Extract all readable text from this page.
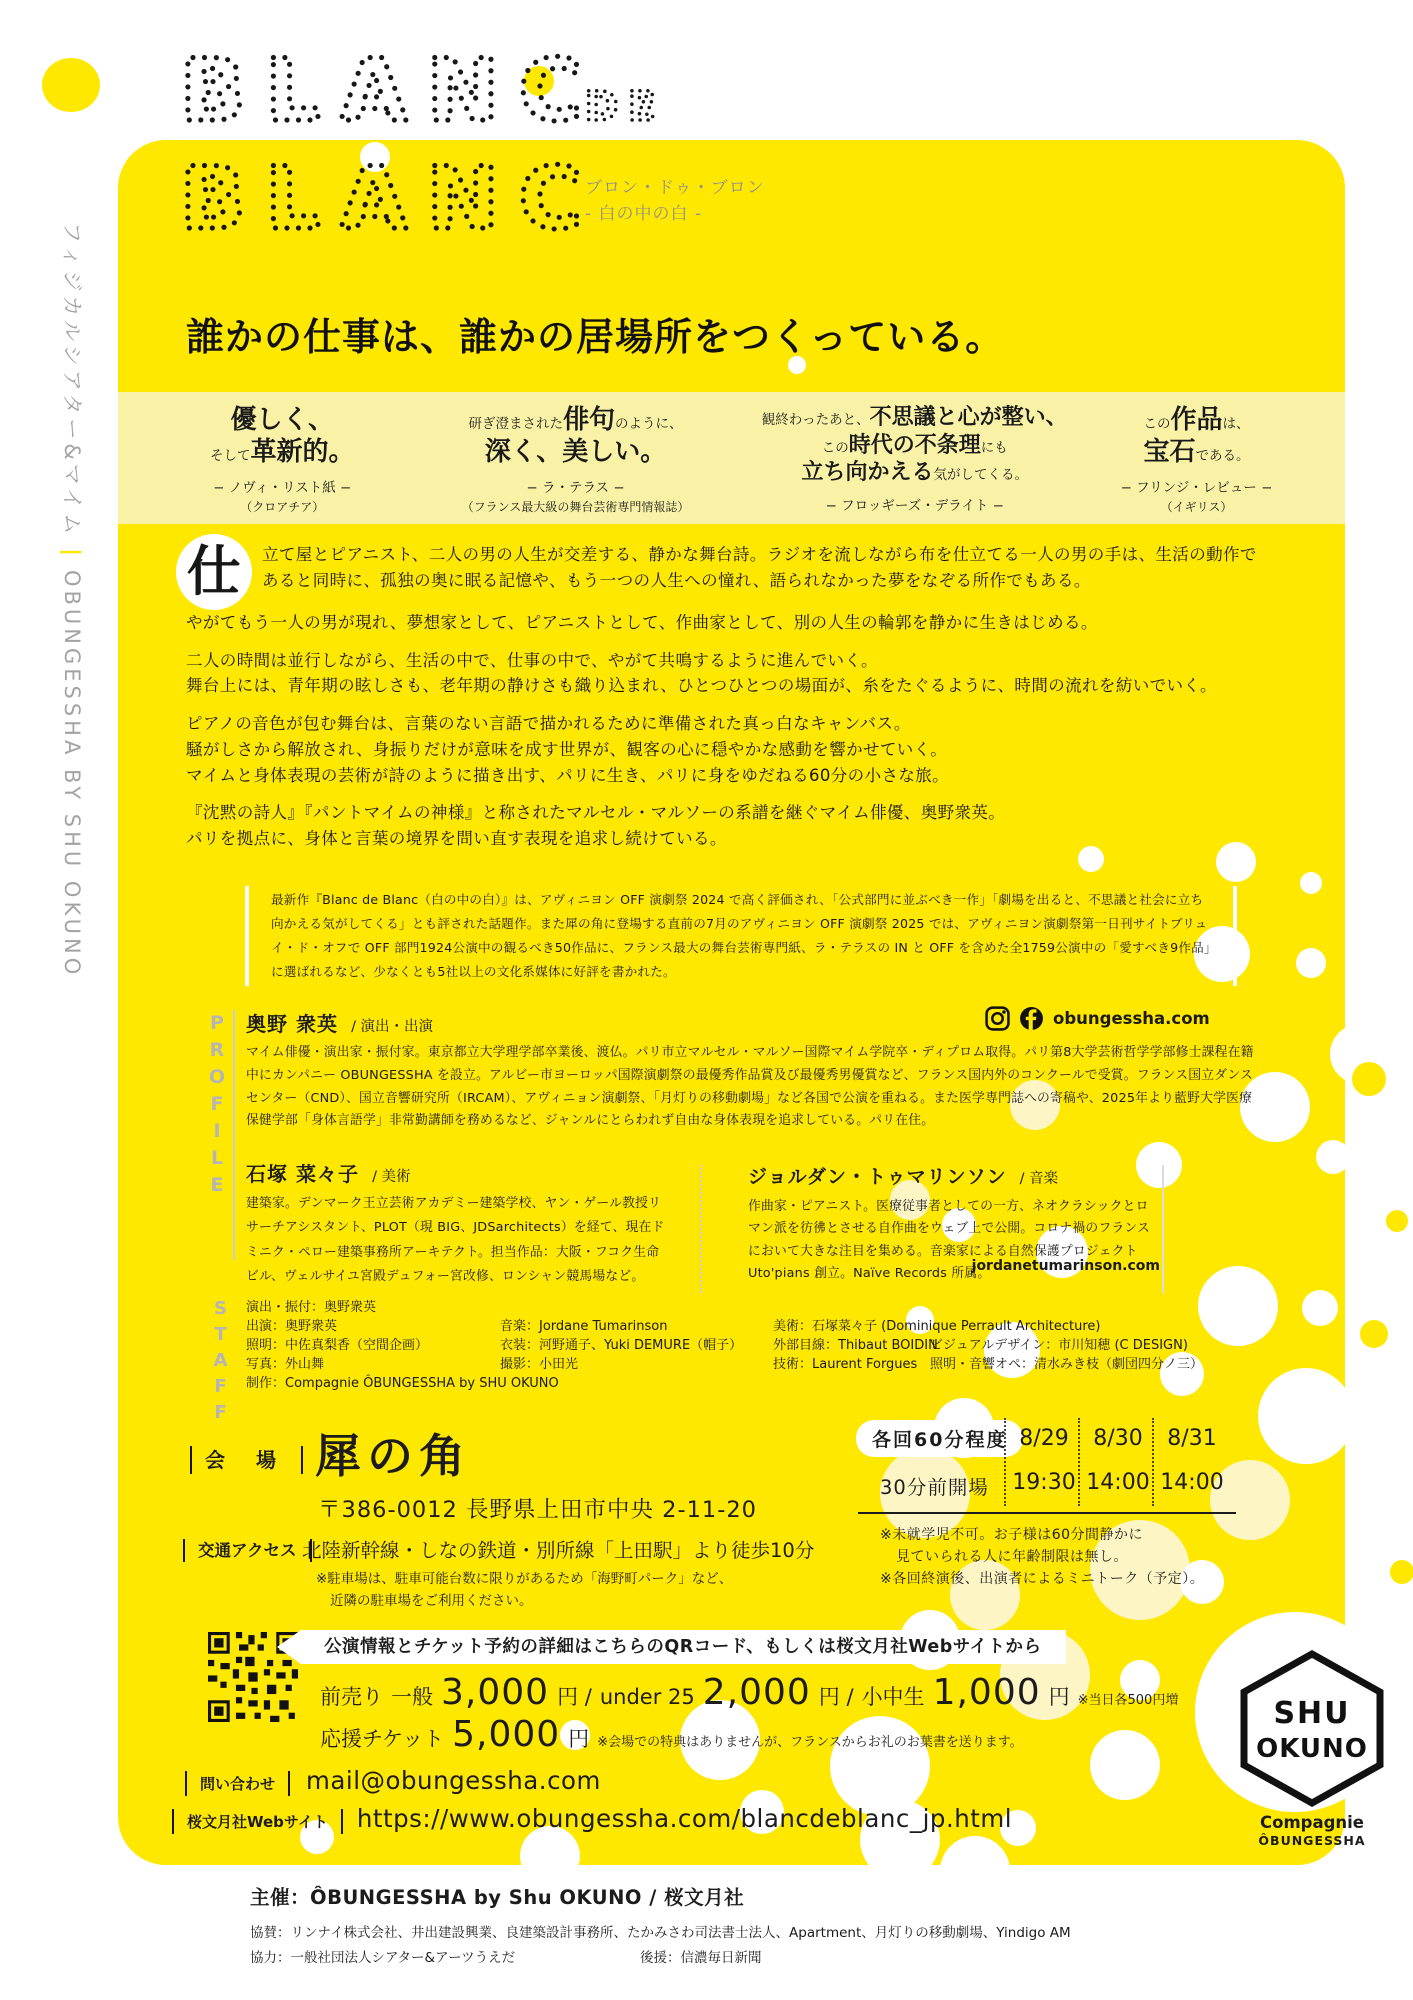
フィジカルシアター&マイム|OBUNGESSHA BY SHU OKUNO
BLANC
DE
BLANC
ブロン・ドゥ・ブロン
- 白の中の白 -
誰かの仕事は、誰かの居場所をつくっている。
優しく、
そして革新的。
− ノヴィ・リスト紙 −
（クロアチア）
研ぎ澄まされた俳句のように、
深く、美しい。
− ラ・テラス −
（フランス最大級の舞台芸術専門情報誌）
観終わったあと、不思議と心が整い、
この時代の不条理にも
立ち向かえる気がしてくる。
− フロッギーズ・デライト −
この作品は、
宝石である。
− フリンジ・レビュー −
（イギリス）
仕	立て屋とピアニスト、二人の男の人生が交差する、静かな舞台詩。ラジオを流しながら布を仕立てる一人の男の手は、生活の動作であると同時に、孤独の奥に眠る記憶や、もう一つの人生への憧れ、語られなかった夢をなぞる所作でもある。
やがてもう一人の男が現れ、夢想家として、ピアニストとして、作曲家として、別の人生の輪郭を静かに生きはじめる。
二人の時間は並行しながら、生活の中で、仕事の中で、やがて共鳴するように進んでいく。
舞台上には、青年期の眩しさも、老年期の静けさも織り込まれ、ひとつひとつの場面が、糸をたぐるように、時間の流れを紡いでいく。
ピアノの音色が包む舞台は、言葉のない言語で描かれるために準備された真っ白なキャンバス。
騒がしさから解放され、身振りだけが意味を成す世界が、観客の心に穏やかな感動を響かせていく。
マイムと身体表現の芸術が詩のように描き出す、パリに生き、パリに身をゆだねる60分の小さな旅。
『沈黙の詩人』『パントマイムの神様』と称されたマルセル・マルソーの系譜を継ぐマイム俳優、奥野衆英。
パリを拠点に、身体と言葉の境界を問い直す表現を追求し続けている。
最新作『Blanc de Blanc（白の中の白）』は、アヴィニヨン OFF 演劇祭 2024 で高く評価され、「公式部門に並ぶべき一作」「劇場を出ると、不思議と社会に立ち向かえる気がしてくる」とも評された話題作。また犀の角に登場する直前の7月のアヴィニヨン OFF 演劇祭 2025 では、アヴィニヨン演劇祭第一日刊サイトブリュイ・ド・オフで OFF 部門1924公演中の観るべき50作品に、フランス最大の舞台芸術専門紙、ラ・テラスの IN と OFF を含めた全1759公演中の「愛すべき9作品」に選ばれるなど、少なくとも5社以上の文化系媒体に好評を書かれた。
PROFILE 奥野 衆英 / 演出・出演	obungessha.com
マイム俳優・演出家・振付家。東京都立大学理学部卒業後、渡仏。パリ市立マルセル・マルソー国際マイム学院卒・ディプロム取得。パリ第8大学芸術哲学学部修士課程在籍中にカンパニー OBUNGESSHA を設立。アルビー市ヨーロッパ国際演劇祭の最優秀作品賞及び最優秀男優賞など、フランス国内外のコンクールで受賞。フランス国立ダンスセンター（CND）、国立音響研究所（IRCAM）、アヴィニョン演劇祭、「月灯りの移動劇場」など各国で公演を重ねる。また医学専門誌への寄稿や、2025年より藍野大学医療保健学部「身体言語学」非常勤講師を務めるなど、ジャンルにとらわれず自由な身体表現を追求している。パリ在住。
石塚 菜々子 / 美術
建築家。デンマーク王立芸術アカデミー建築学校、ヤン・ゲール教授リサーチアシスタント、PLOT（現 BIG、JDSarchitects）を経て、現在ドミニク・ペロー建築事務所アーキテクト。担当作品：大阪・フコク生命ビル、ヴェルサイユ宮殿デュフォー宮改修、ロンシャン競馬場など。
ジョルダン・トゥマリンソン / 音楽
作曲家・ピアニスト。医療従事者としての一方、ネオクラシックとロマン派を彷彿とさせる自作曲をウェブ上で公開。コロナ禍のフランスにおいて大きな注目を集める。音楽家による自然保護プロジェクト Uto'pians 創立。Naïve Records 所属。
jordanetumarinson.com
STAFF 演出・振付：奥野衆英
出演：奥野衆英	音楽：Jordane Tumarinson	美術：石塚菜々子 (Dominique Perrault Architecture)
照明：中佐真梨香（空間企画）	衣装：河野通子、Yuki DEMURE（帽子） 外部目線：Thibaut BOIDIN
ビジュアルデザイン：市川知穂 (C DESIGN)
写真：外山舞	撮影：小田光	技術：Laurent Forgues 照明・音響オペ：清水みき枝（劇団四分ノ三）
制作：Compagnie ÔBUNGESSHA by SHU OKUNO
会 場 犀の角
〒386-0012 長野県上田市中央 2-11-20
交通アクセス 北陸新幹線・しなの鉄道・別所線「上田駅」より徒歩10分
※駐車場は、駐車可能台数に限りがあるため「海野町パーク」など、
近隣の駐車場をご利用ください。
各回60分程度 8/29	8/30	8/31
30分前開場 19:30 14:00 14:00
※未就学児不可。お子様は60分間静かに
見ていられる人に年齢制限は無し。
※各回終演後、出演者によるミニトーク（予定）。
公演情報とチケット予約の詳細はこちらのQRコード、もしくは桜文月社Webサイトから
前売り 一般 3,000 円 / under 25 2,000 円 / 小中生 1,000 円 ※当日各500円増
応援チケット 5,000 円 ※会場での特典はありませんが、フランスからお礼のお葉書を送ります。
問い合わせ	mail@obungessha.com
桜文月社Webサイト	https://www.obungessha.com/blancdeblanc_jp.html
SHU
OKUNO
Compagnie
ÔBUNGESSHA
主催：ÔBUNGESSHA by Shu OKUNO / 桜文月社
協賛：リンナイ株式会社、井出建設興業、良建築設計事務所、たかみさわ司法書士法人、Apartment、月灯りの移動劇場、Yindigo AM
協力：一般社団法人シアター&アーツうえだ	後援：信濃毎日新聞
